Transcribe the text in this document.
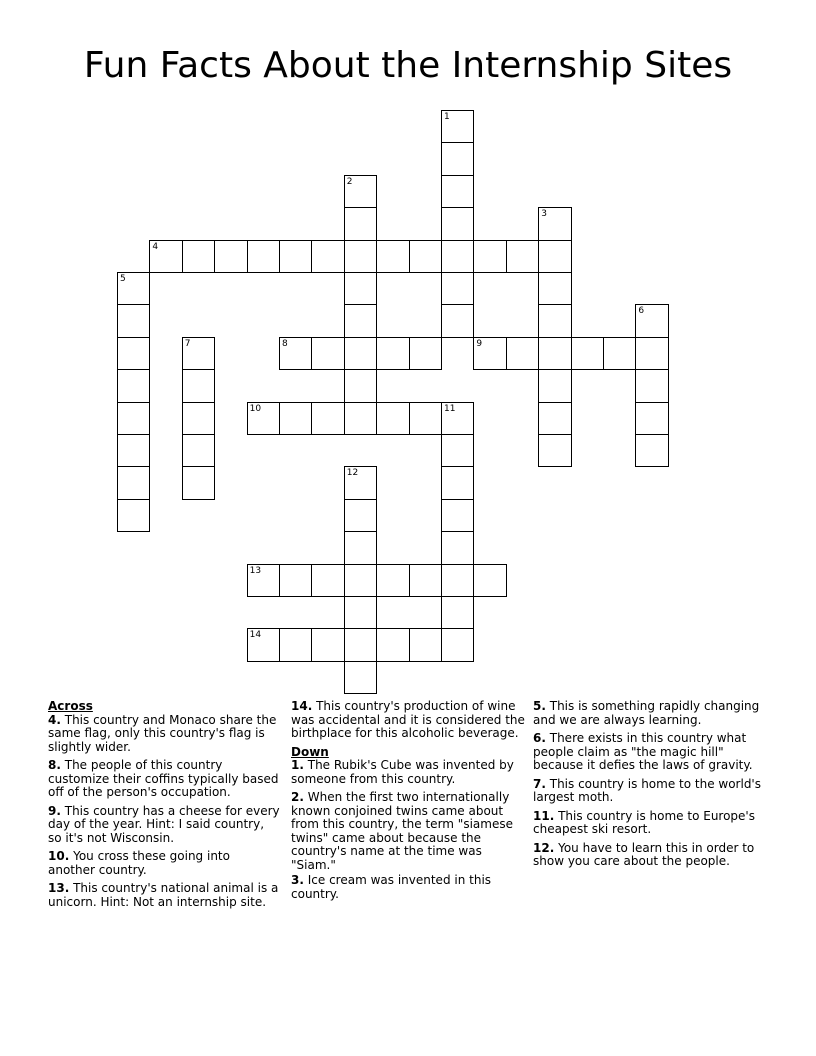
Fun Facts About the Internship Sites
1
2
3
4
5
6
7	8	9
10	11
12
13
14
Across
4. This country and Monaco share the same flag, only this country's flag is slightly wider.
8. The people of this country customize their coffins typically based off of the person's occupation.
9. This country has a cheese for every day of the year. Hint: I said country, so it's not Wisconsin.
10. You cross these going into another country.
13. This country's national animal is a unicorn. Hint: Not an internship site.
14. This country's production of wine was accidental and it is considered the birthplace for this alcoholic beverage.
Down
1. The Rubik's Cube was invented by someone from this country.
2. When the first two internationally known conjoined twins came about from this country, the term "siamese twins" came about because the country's name at the time was "Siam."
3. Ice cream was invented in this country.
5. This is something rapidly changing and we are always learning.
6. There exists in this country what people claim as "the magic hill" because it defies the laws of gravity.
7. This country is home to the world's largest moth.
11. This country is home to Europe's cheapest ski resort.
12. You have to learn this in order to show you care about the people.
